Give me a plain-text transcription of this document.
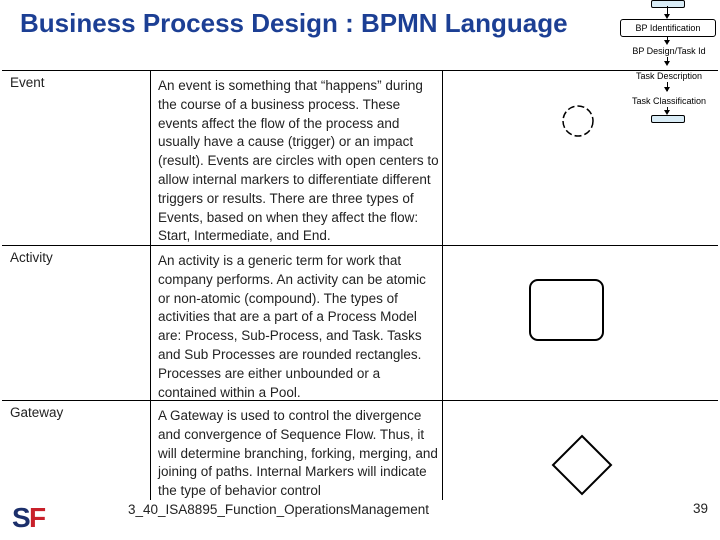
Business Process Design : BPMN Language	BP Identification
BP Design/Task Id
Task Description
Task Classification
Event	An event is something that “happens” during the course of a business process. These events affect the flow of the process and usually have a cause (trigger) or an impact (result). Events are circles with open centers to allow internal markers to differentiate different triggers or results. There are three types of Events, based on when they affect the flow: Start, Intermediate, and End.
Activity	An activity is a generic term for work that company performs. An activity can be atomic or non-atomic (compound). The types of activities that are a part of a Process Model are: Process, Sub-Process, and Task. Tasks and Sub Processes are rounded rectangles. Processes are either unbounded or a contained within a Pool.
Gateway	A Gateway is used to control the divergence and convergence of Sequence Flow. Thus, it will determine branching, forking, merging, and joining of paths. Internal Markers will indicate the type of behavior control
S
F	3_40_ISA8895_Function_OperationsManagement	39
